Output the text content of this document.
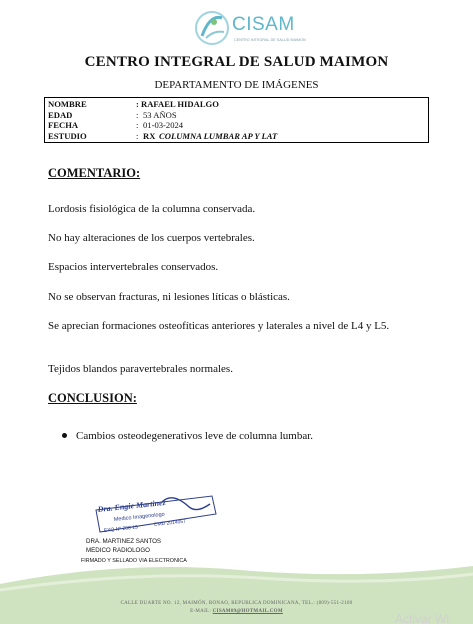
CISAM
CENTRO INTEGRAL DE SALUD MAIMON
CENTRO INTEGRAL DE SALUD MAIMON
DEPARTAMENTO DE IMÁGENES
NOMBRE	: RAFAEL HIDALGO
EDAD	: 53 AÑOS
FECHA	: 01-03-2024
ESTUDIO	: RX COLUMNA LUMBAR AP Y LAT
COMENTARIO:
Lordosis fisiológica de la columna conservada.
No hay alteraciones de los cuerpos vertebrales.
Espacios intervertebrales conservados.
No se observan fracturas, ni lesiones líticas o blásticas.
Se aprecian formaciones osteofíticas anteriores y laterales a nivel de L4 y L5.
Tejidos blandos paravertebrales normales.
CONCLUSION:
Cambios osteodegenerativos leve de columna lumbar.
Dra. Engie Martinez
Medico Imagenologo
EXQ Nº 208 13
CMD 2014057
DRA. MARTINEZ SANTOS
MEDICO RADIOLOGO
FIRMADO Y SELLADO VIA ELECTRONICA
CALLE DUARTE NO. 12, MAIMÓN, BONAO, REPUBLICA DOMINICANA, TEL.: (809)-551-2100
E-MAIL: CISAM09@HOTMAIL.COM
Activar Wi
